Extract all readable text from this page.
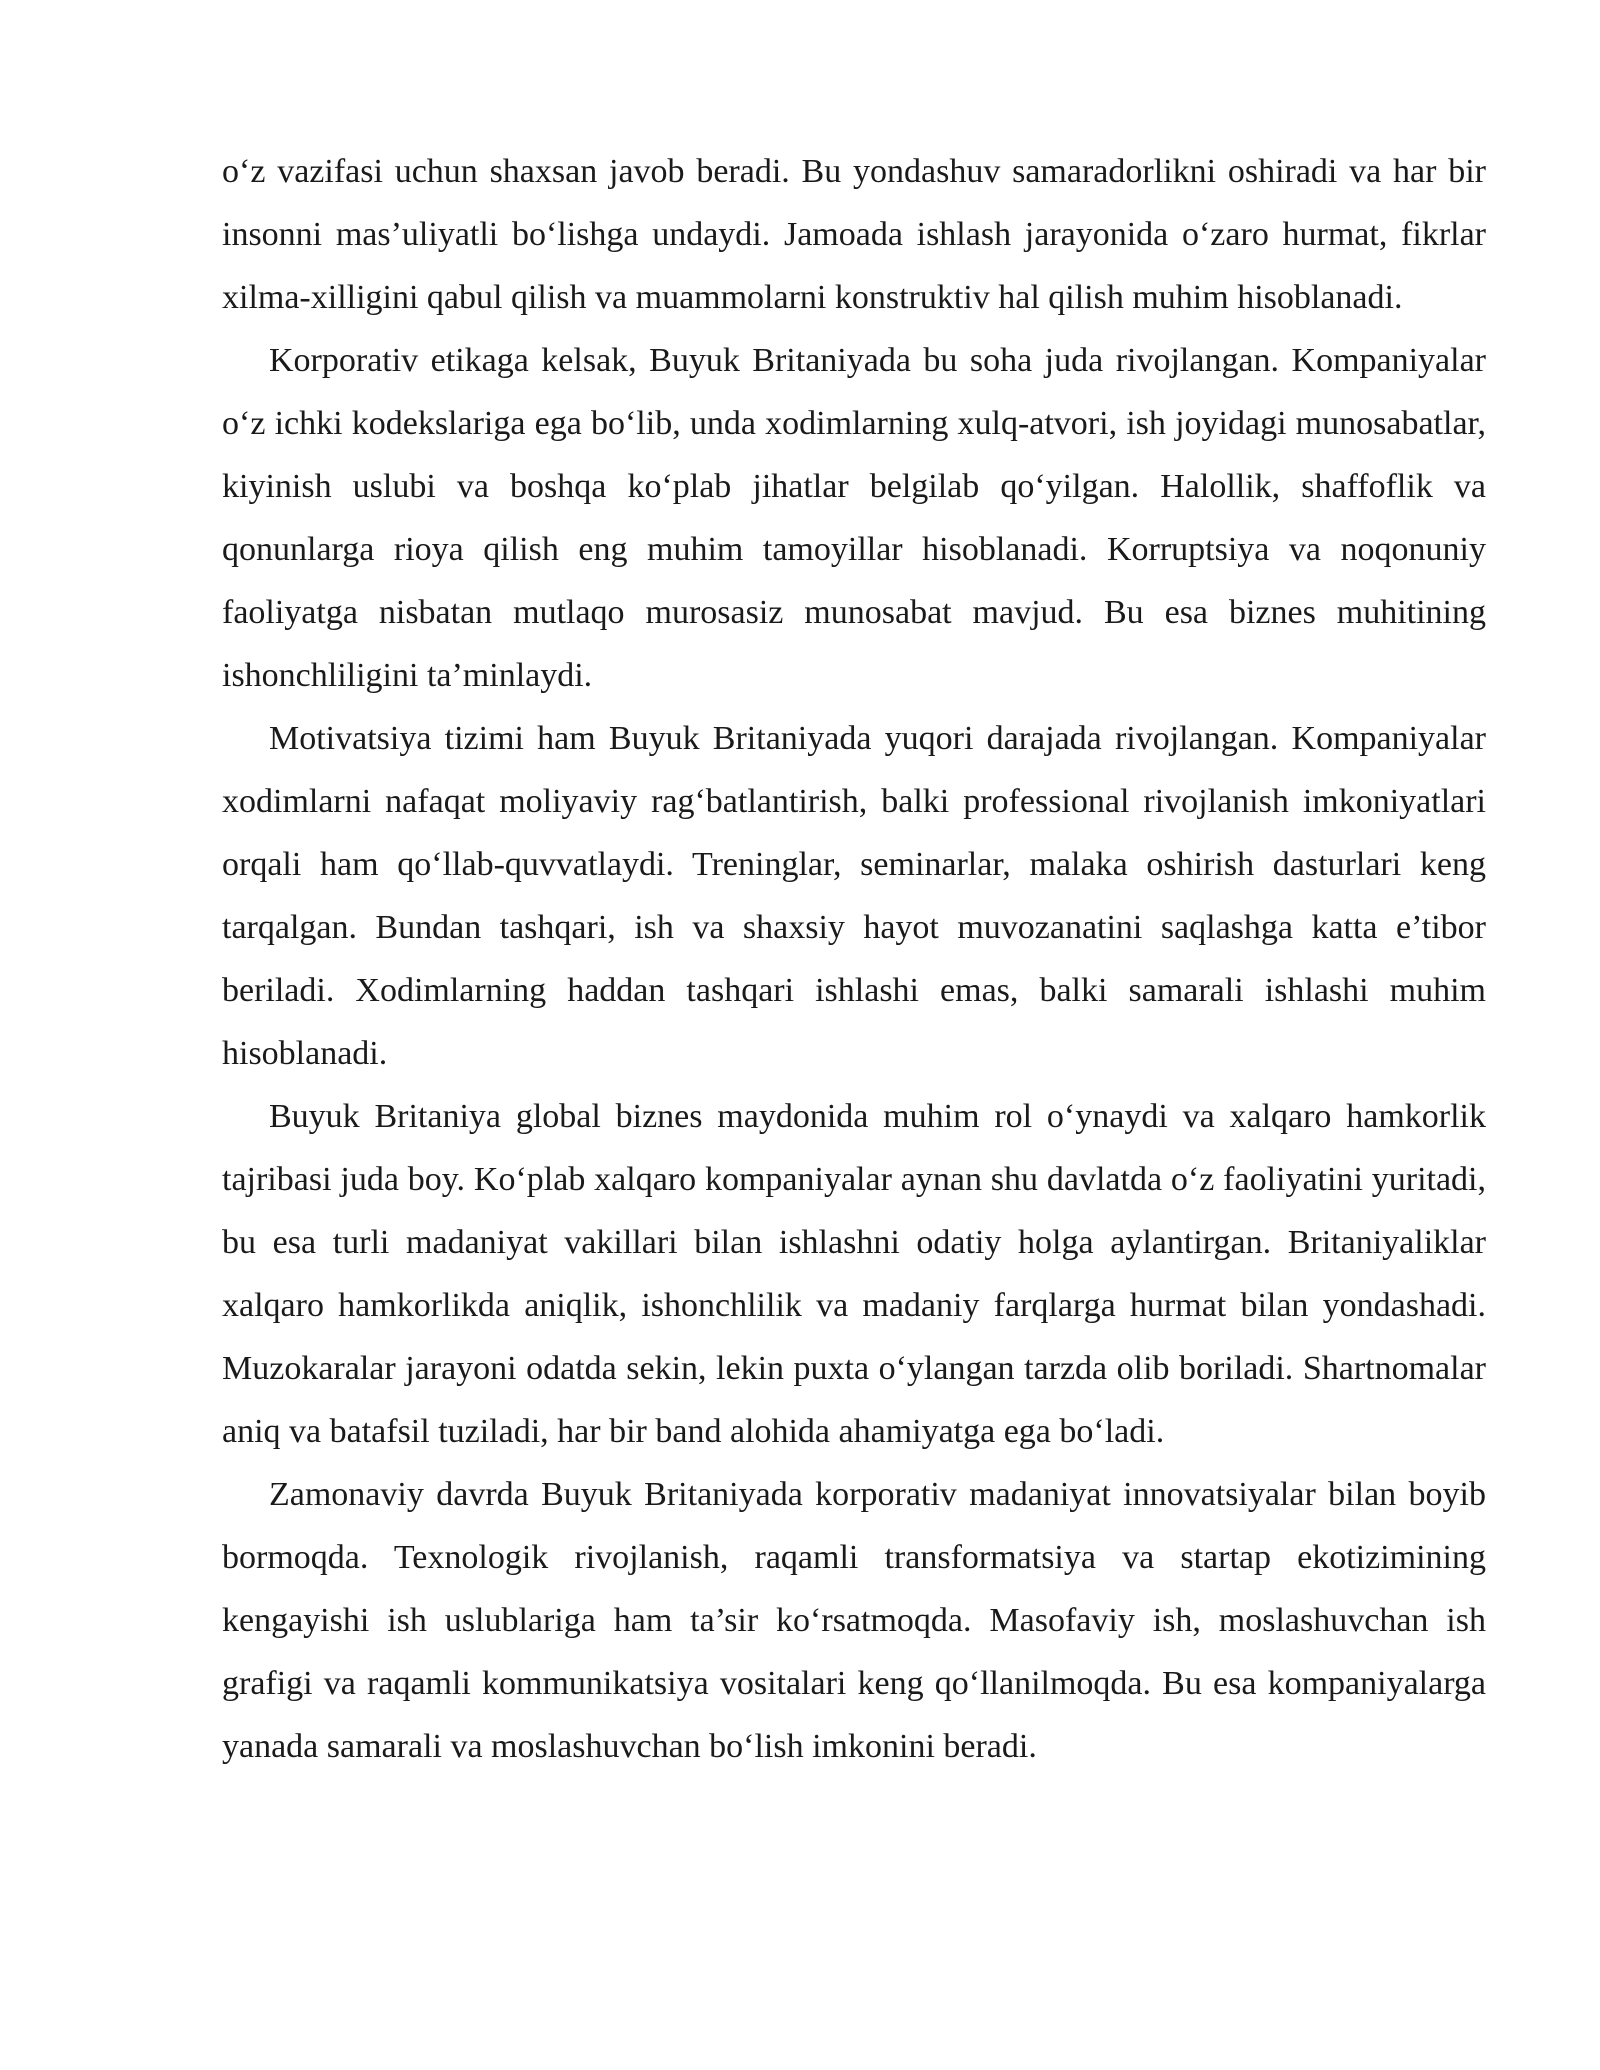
o‘z vazifasi uchun shaxsan javob beradi. Bu yondashuv samaradorlikni oshiradi va har bir insonni mas’uliyatli bo‘lishga undaydi. Jamoada ishlash jarayonida o‘zaro hurmat, fikrlar xilma-xilligini qabul qilish va muammolarni konstruktiv hal qilish muhim hisoblanadi.

Korporativ etikaga kelsak, Buyuk Britaniyada bu soha juda rivojlangan. Kompaniyalar o‘z ichki kodekslariga ega bo‘lib, unda xodimlarning xulq-atvori, ish joyidagi munosabatlar, kiyinish uslubi va boshqa ko‘plab jihatlar belgilab qo‘yilgan. Halollik, shaffoflik va qonunlarga rioya qilish eng muhim tamoyillar hisoblanadi. Korruptsiya va noqonuniy faoliyatga nisbatan mutlaqo murosasiz munosabat mavjud. Bu esa biznes muhitining ishonchliligini ta’minlaydi.

Motivatsiya tizimi ham Buyuk Britaniyada yuqori darajada rivojlangan. Kompaniyalar xodimlarni nafaqat moliyaviy rag‘batlantirish, balki professional rivojlanish imkoniyatlari orqali ham qo‘llab-quvvatlaydi. Treninglar, seminarlar, malaka oshirish dasturlari keng tarqalgan. Bundan tashqari, ish va shaxsiy hayot muvozanatini saqlashga katta e’tibor beriladi. Xodimlarning haddan tashqari ishlashi emas, balki samarali ishlashi muhim hisoblanadi.

Buyuk Britaniya global biznes maydonida muhim rol o‘ynaydi va xalqaro hamkorlik tajribasi juda boy. Ko‘plab xalqaro kompaniyalar aynan shu davlatda o‘z faoliyatini yuritadi, bu esa turli madaniyat vakillari bilan ishlashni odatiy holga aylantirgan. Britaniyaliklar xalqaro hamkorlikda aniqlik, ishonchlilik va madaniy farqlarga hurmat bilan yondashadi. Muzokaralar jarayoni odatda sekin, lekin puxta o‘ylangan tarzda olib boriladi. Shartnomalar aniq va batafsil tuziladi, har bir band alohida ahamiyatga ega bo‘ladi.

Zamonaviy davrda Buyuk Britaniyada korporativ madaniyat innovatsiyalar bilan boyib bormoqda. Texnologik rivojlanish, raqamli transformatsiya va startap ekotizimining kengayishi ish uslublariga ham ta’sir ko‘rsatmoqda. Masofaviy ish, moslashuvchan ish grafigi va raqamli kommunikatsiya vositalari keng qo‘llanilmoqda. Bu esa kompaniyalarga yanada samarali va moslashuvchan bo‘lish imkonini beradi.
